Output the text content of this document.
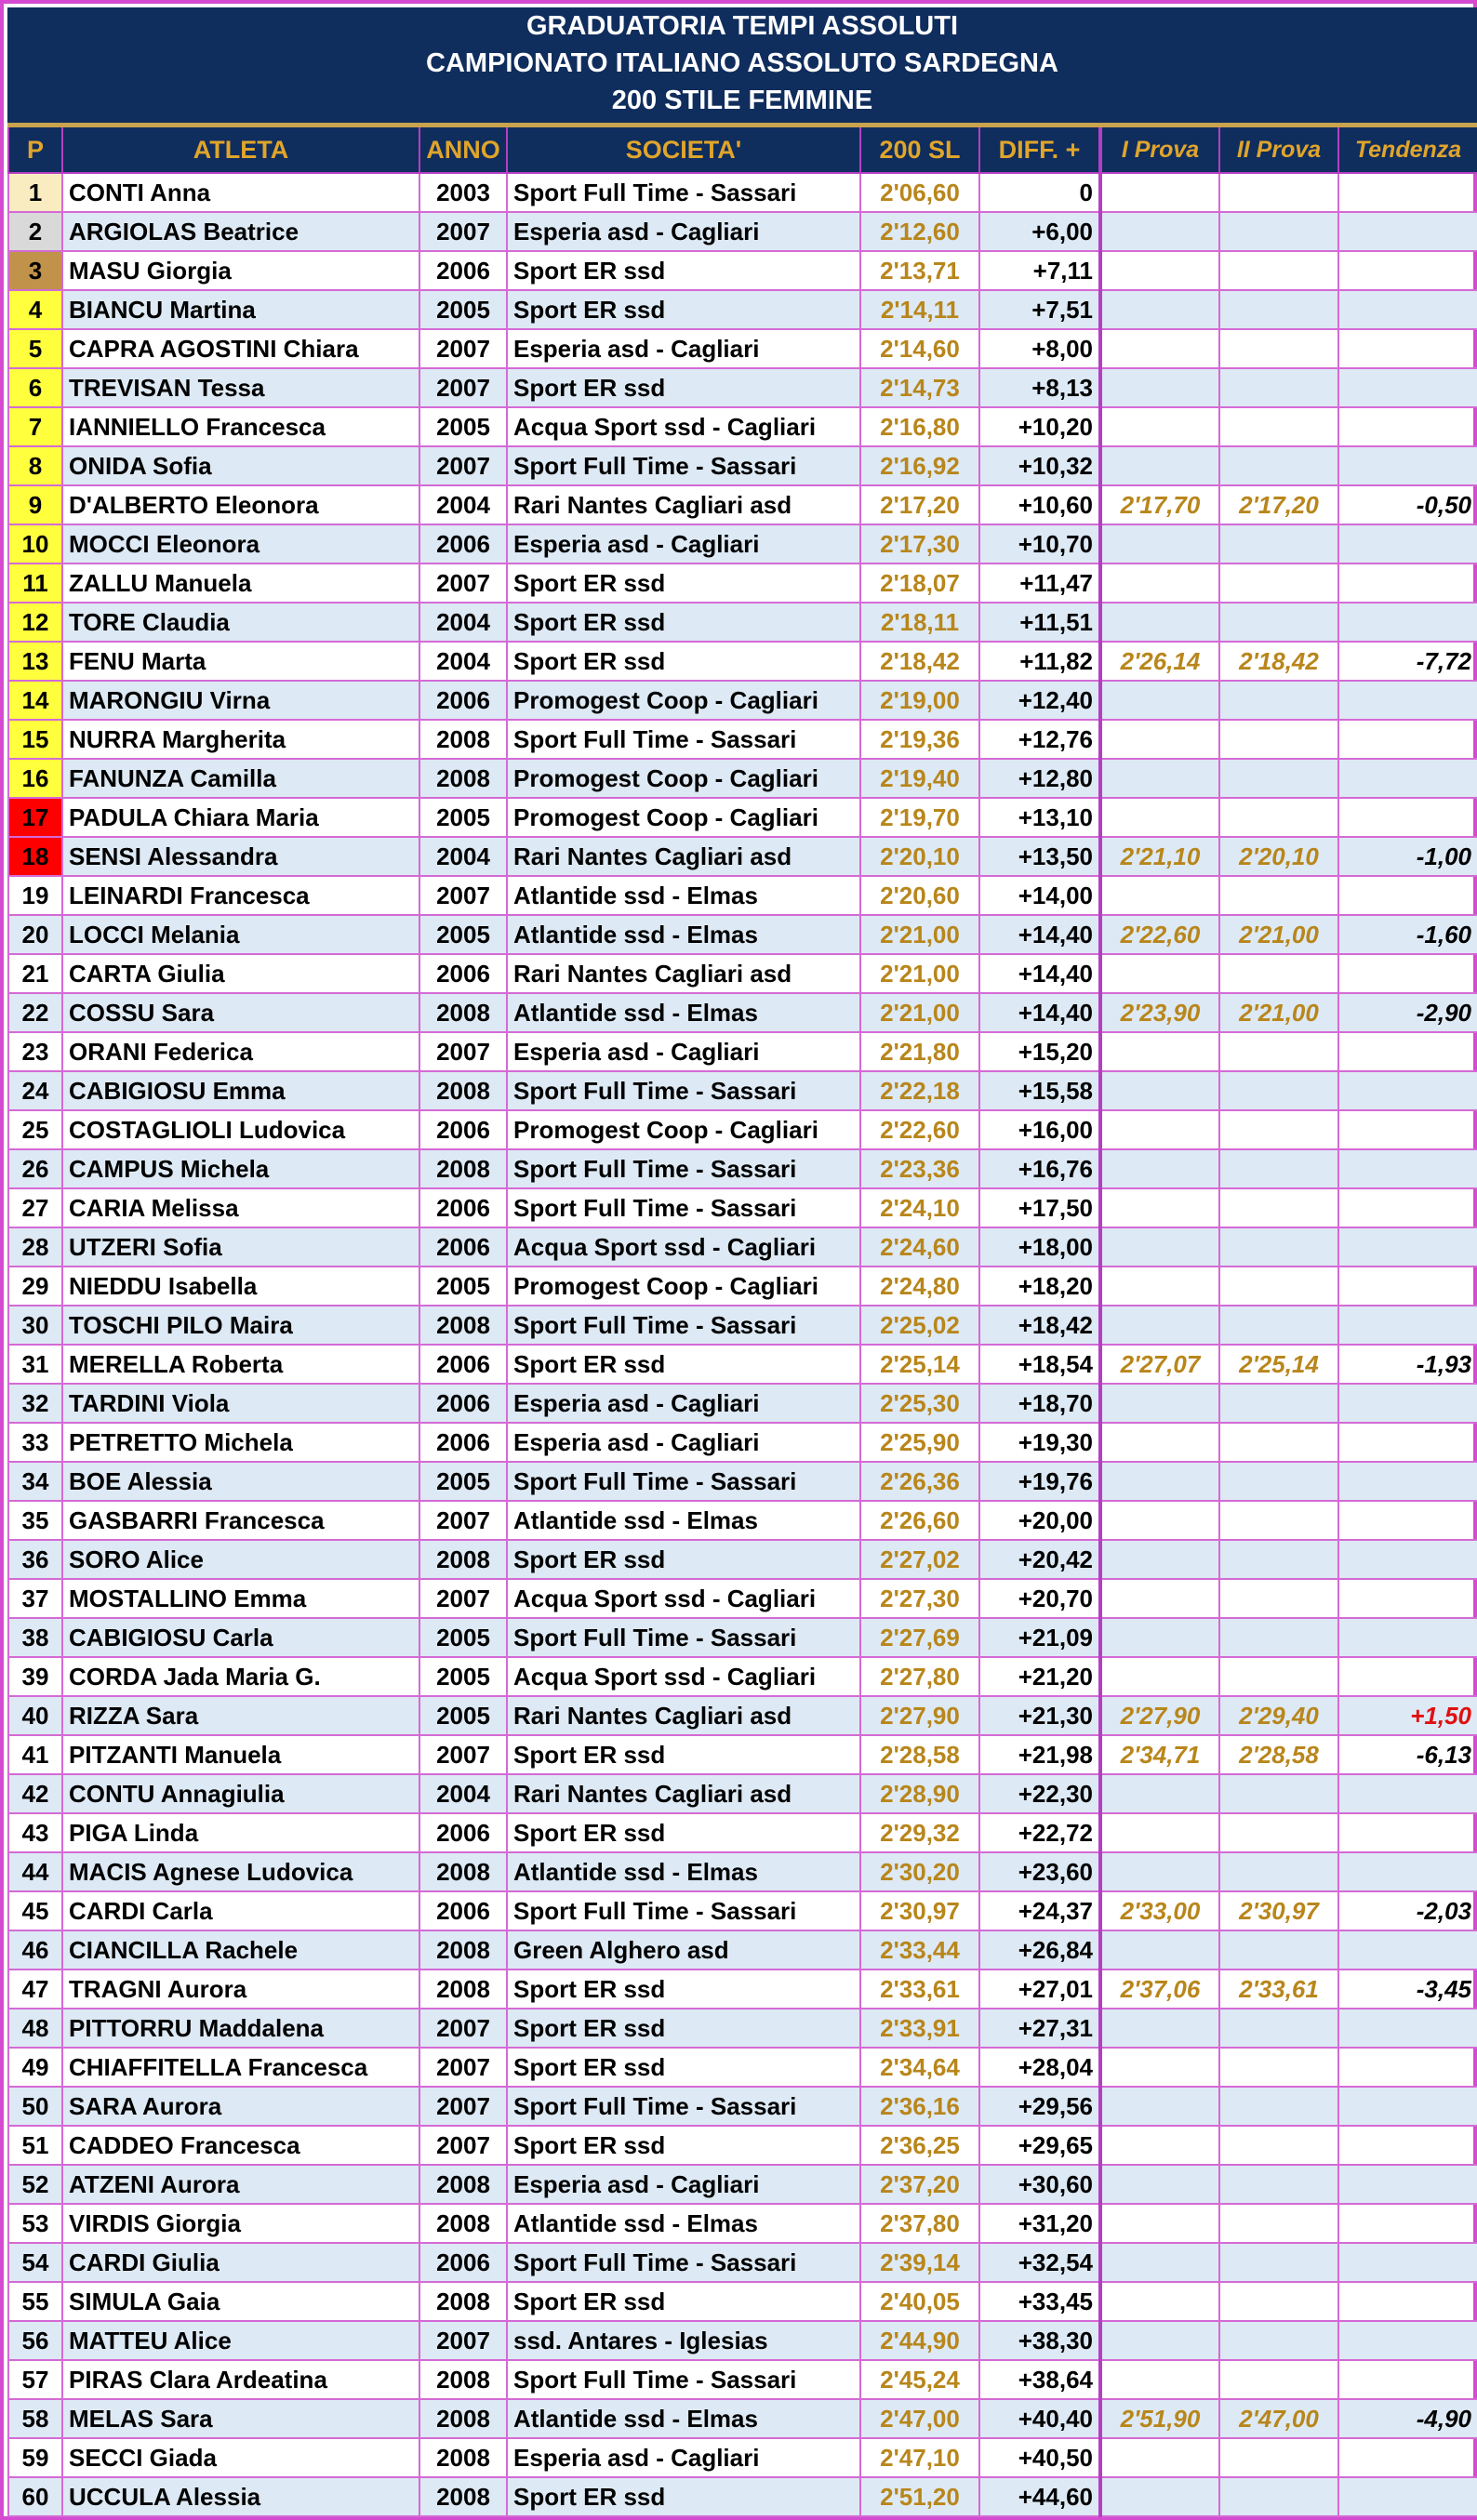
GRADUATORIA TEMPI ASSOLUTI
CAMPIONATO ITALIANO ASSOLUTO SARDEGNA
200 STILE FEMMINE
P	ATLETA	ANNO	SOCIETA'	200 SL	DIFF. +	I Prova	II Prova	Tendenza
1	CONTI Anna	2003	Sport Full Time - Sassari	2'06,60	0			
2	ARGIOLAS Beatrice	2007	Esperia asd - Cagliari	2'12,60	+6,00			
3	MASU Giorgia	2006	Sport ER ssd	2'13,71	+7,11			
4	BIANCU Martina	2005	Sport ER ssd	2'14,11	+7,51			
5	CAPRA AGOSTINI Chiara	2007	Esperia asd - Cagliari	2'14,60	+8,00			
6	TREVISAN Tessa	2007	Sport ER ssd	2'14,73	+8,13			
7	IANNIELLO Francesca	2005	Acqua Sport ssd - Cagliari	2'16,80	+10,20			
8	ONIDA Sofia	2007	Sport Full Time - Sassari	2'16,92	+10,32			
9	D'ALBERTO Eleonora	2004	Rari Nantes Cagliari asd	2'17,20	+10,60	2'17,70	2'17,20	-0,50
10	MOCCI Eleonora	2006	Esperia asd - Cagliari	2'17,30	+10,70			
11	ZALLU Manuela	2007	Sport ER ssd	2'18,07	+11,47			
12	TORE Claudia	2004	Sport ER ssd	2'18,11	+11,51			
13	FENU Marta	2004	Sport ER ssd	2'18,42	+11,82	2'26,14	2'18,42	-7,72
14	MARONGIU Virna	2006	Promogest Coop - Cagliari	2'19,00	+12,40			
15	NURRA Margherita	2008	Sport Full Time - Sassari	2'19,36	+12,76			
16	FANUNZA Camilla	2008	Promogest Coop - Cagliari	2'19,40	+12,80			
17	PADULA Chiara Maria	2005	Promogest Coop - Cagliari	2'19,70	+13,10			
18	SENSI Alessandra	2004	Rari Nantes Cagliari asd	2'20,10	+13,50	2'21,10	2'20,10	-1,00
19	LEINARDI Francesca	2007	Atlantide ssd - Elmas	2'20,60	+14,00			
20	LOCCI Melania	2005	Atlantide ssd - Elmas	2'21,00	+14,40	2'22,60	2'21,00	-1,60
21	CARTA Giulia	2006	Rari Nantes Cagliari asd	2'21,00	+14,40			
22	COSSU Sara	2008	Atlantide ssd - Elmas	2'21,00	+14,40	2'23,90	2'21,00	-2,90
23	ORANI Federica	2007	Esperia asd - Cagliari	2'21,80	+15,20			
24	CABIGIOSU Emma	2008	Sport Full Time - Sassari	2'22,18	+15,58			
25	COSTAGLIOLI Ludovica	2006	Promogest Coop - Cagliari	2'22,60	+16,00			
26	CAMPUS Michela	2008	Sport Full Time - Sassari	2'23,36	+16,76			
27	CARIA Melissa	2006	Sport Full Time - Sassari	2'24,10	+17,50			
28	UTZERI Sofia	2006	Acqua Sport ssd - Cagliari	2'24,60	+18,00			
29	NIEDDU Isabella	2005	Promogest Coop - Cagliari	2'24,80	+18,20			
30	TOSCHI PILO Maira	2008	Sport Full Time - Sassari	2'25,02	+18,42			
31	MERELLA Roberta	2006	Sport ER ssd	2'25,14	+18,54	2'27,07	2'25,14	-1,93
32	TARDINI Viola	2006	Esperia asd - Cagliari	2'25,30	+18,70			
33	PETRETTO Michela	2006	Esperia asd - Cagliari	2'25,90	+19,30			
34	BOE Alessia	2005	Sport Full Time - Sassari	2'26,36	+19,76			
35	GASBARRI Francesca	2007	Atlantide ssd - Elmas	2'26,60	+20,00			
36	SORO Alice	2008	Sport ER ssd	2'27,02	+20,42			
37	MOSTALLINO Emma	2007	Acqua Sport ssd - Cagliari	2'27,30	+20,70			
38	CABIGIOSU Carla	2005	Sport Full Time - Sassari	2'27,69	+21,09			
39	CORDA Jada Maria G.	2005	Acqua Sport ssd - Cagliari	2'27,80	+21,20			
40	RIZZA Sara	2005	Rari Nantes Cagliari asd	2'27,90	+21,30	2'27,90	2'29,40	+1,50
41	PITZANTI Manuela	2007	Sport ER ssd	2'28,58	+21,98	2'34,71	2'28,58	-6,13
42	CONTU Annagiulia	2004	Rari Nantes Cagliari asd	2'28,90	+22,30			
43	PIGA Linda	2006	Sport ER ssd	2'29,32	+22,72			
44	MACIS Agnese Ludovica	2008	Atlantide ssd - Elmas	2'30,20	+23,60			
45	CARDI Carla	2006	Sport Full Time - Sassari	2'30,97	+24,37	2'33,00	2'30,97	-2,03
46	CIANCILLA Rachele	2008	Green Alghero asd	2'33,44	+26,84			
47	TRAGNI Aurora	2008	Sport ER ssd	2'33,61	+27,01	2'37,06	2'33,61	-3,45
48	PITTORRU Maddalena	2007	Sport ER ssd	2'33,91	+27,31			
49	CHIAFFITELLA Francesca	2007	Sport ER ssd	2'34,64	+28,04			
50	SARA Aurora	2007	Sport Full Time - Sassari	2'36,16	+29,56			
51	CADDEO Francesca	2007	Sport ER ssd	2'36,25	+29,65			
52	ATZENI Aurora	2008	Esperia asd - Cagliari	2'37,20	+30,60			
53	VIRDIS Giorgia	2008	Atlantide ssd - Elmas	2'37,80	+31,20			
54	CARDI Giulia	2006	Sport Full Time - Sassari	2'39,14	+32,54			
55	SIMULA Gaia	2008	Sport ER ssd	2'40,05	+33,45			
56	MATTEU Alice	2007	ssd. Antares - Iglesias	2'44,90	+38,30			
57	PIRAS Clara Ardeatina	2008	Sport Full Time - Sassari	2'45,24	+38,64			
58	MELAS Sara	2008	Atlantide ssd - Elmas	2'47,00	+40,40	2'51,90	2'47,00	-4,90
59	SECCI Giada	2008	Esperia asd - Cagliari	2'47,10	+40,50			
60	UCCULA Alessia	2008	Sport ER ssd	2'51,20	+44,60			
